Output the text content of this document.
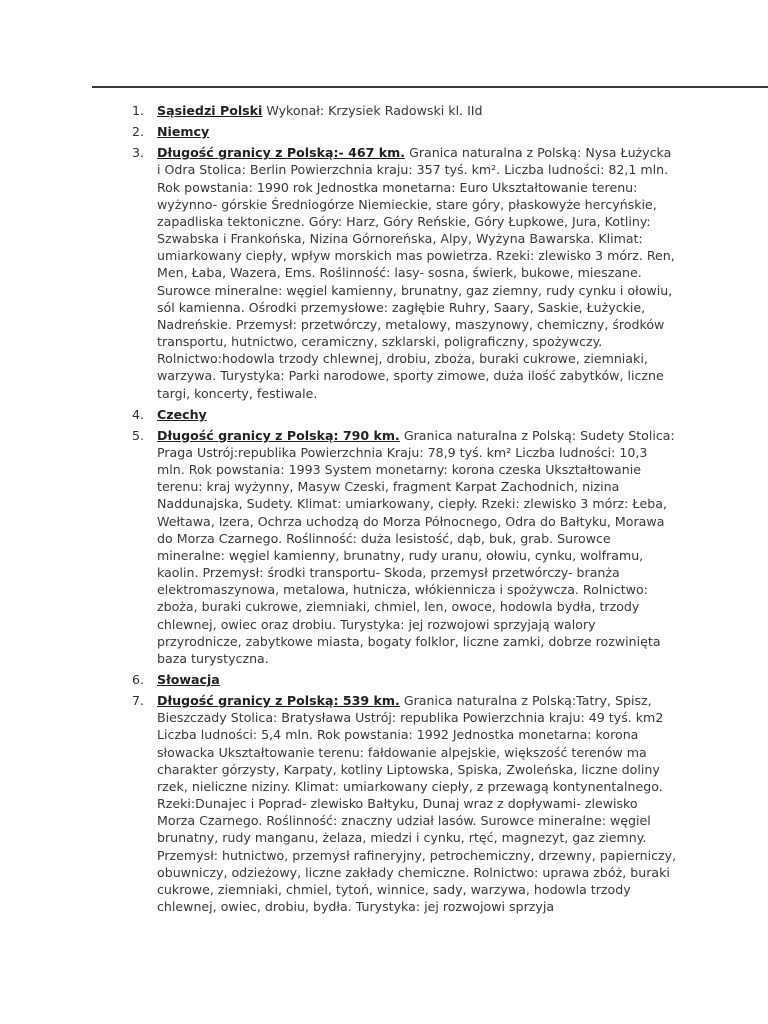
1. Sąsiedzi Polski Wykonał: Krzysiek Radowski kl. IId
2. Niemcy
3. Długość granicy z Polską:- 467 km. Granica naturalna z Polską: Nysa Łużycka i Odra Stolica: Berlin Powierzchnia kraju: 357 tyś. km². Liczba ludności: 82,1 mln. Rok powstania: 1990 rok Jednostka monetarna: Euro Ukształtowanie terenu: wyżynno- górskie Średniogórze Niemieckie, stare góry, płaskowyże hercyńskie, zapadliska tektoniczne. Góry: Harz, Góry Reńskie, Góry Łupkowe, Jura, Kotliny: Szwabska i Frankońska, Nizina Górnoreńska, Alpy, Wyżyna Bawarska. Klimat: umiarkowany ciepły, wpływ morskich mas powietrza. Rzeki: zlewisko 3 mórz. Ren, Men, Łaba, Wazera, Ems. Roślinność: lasy- sosna, świerk, bukowe, mieszane. Surowce mineralne: węgiel kamienny, brunatny, gaz ziemny, rudy cynku i ołowiu, sól kamienna. Ośrodki przemysłowe: zagłębie Ruhry, Saary, Saskie, Łużyckie, Nadreńskie. Przemysł: przetwórczy, metalowy, maszynowy, chemiczny, środków transportu, hutnictwo, ceramiczny, szklarski, poligraficzny, spożywczy. Rolnictwo:hodowla trzody chlewnej, drobiu, zboża, buraki cukrowe, ziemniaki, warzywa. Turystyka: Parki narodowe, sporty zimowe, duża ilość zabytków, liczne targi, koncerty, festiwale.
4. Czechy
5. Długość granicy z Polską: 790 km. Granica naturalna z Polską: Sudety Stolica: Praga Ustrój:republika Powierzchnia Kraju: 78,9 tyś. km² Liczba ludności: 10,3 mln. Rok powstania: 1993 System monetarny: korona czeska Ukształtowanie terenu: kraj wyżynny, Masyw Czeski, fragment Karpat Zachodnich, nizina Naddunajska, Sudety. Klimat: umiarkowany, ciepły. Rzeki: zlewisko 3 mórz: Łeba, Wełtawa, Izera, Ochrza uchodzą do Morza Północnego, Odra do Bałtyku, Morawa do Morza Czarnego. Roślinność: duża lesistość, dąb, buk, grab. Surowce mineralne: węgiel kamienny, brunatny, rudy uranu, ołowiu, cynku, wolframu, kaolin. Przemysł: środki transportu- Skoda, przemysł przetwórczy- branża elektromaszynowa, metalowa, hutnicza, włókiennicza i spożywcza. Rolnictwo: zboża, buraki cukrowe, ziemniaki, chmiel, len, owoce, hodowla bydła, trzody chlewnej, owiec oraz drobiu. Turystyka: jej rozwojowi sprzyjają walory przyrodnicze, zabytkowe miasta, bogaty folklor, liczne zamki, dobrze rozwinięta baza turystyczna.
6. Słowacja
7. Długość granicy z Polską: 539 km. Granica naturalna z Polską:Tatry, Spisz, Bieszczady Stolica: Bratysława Ustrój: republika Powierzchnia kraju: 49 tyś. km2 Liczba ludności: 5,4 mln. Rok powstania: 1992 Jednostka monetarna: korona słowacka Ukształtowanie terenu: fałdowanie alpejskie, większość terenów ma charakter górzysty, Karpaty, kotliny Liptowska, Spiska, Zwoleńska, liczne doliny rzek, nieliczne niziny. Klimat: umiarkowany ciepły, z przewagą kontynentalnego. Rzeki:Dunajec i Poprad- zlewisko Bałtyku, Dunaj wraz z dopływami- zlewisko Morza Czarnego. Roślinność: znaczny udział lasów. Surowce mineralne: węgiel brunatny, rudy manganu, żelaza, miedzi i cynku, rtęć, magnezyt, gaz ziemny. Przemysł: hutnictwo, przemysł rafineryjny, petrochemiczny, drzewny, papierniczy, obuwniczy, odzieżowy, liczne zakłady chemiczne. Rolnictwo: uprawa zbóż, buraki cukrowe, ziemniaki, chmiel, tytoń, winnice, sady, warzywa, hodowla trzody chlewnej, owiec, drobiu, bydła. Turystyka: jej rozwojowi sprzyja
